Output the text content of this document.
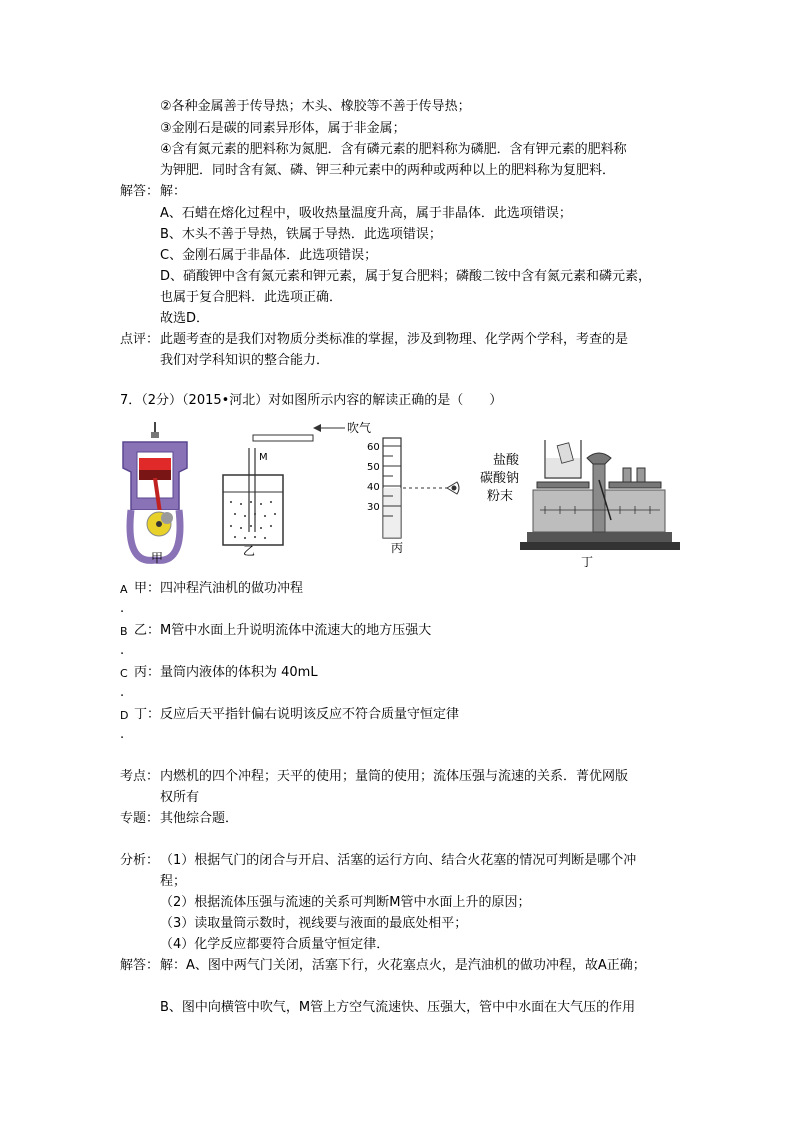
②各种金属善于传导热；木头、橡胶等不善于传导热；
③金刚石是碳的同素异形体，属于非金属；
④含有氮元素的肥料称为氮肥．含有磷元素的肥料称为磷肥．含有钾元素的肥料称
为钾肥．同时含有氮、磷、钾三种元素中的两种或两种以上的肥料称为复肥料．
解答： 解：
A、石蜡在熔化过程中，吸收热量温度升高，属于非晶体．此选项错误；
B、木头不善于导热，铁属于导热．此选项错误；
C、金刚石属于非晶体．此选项错误；
D、硝酸钾中含有氮元素和钾元素，属于复合肥料；磷酸二铵中含有氮元素和磷元素，
也属于复合肥料．此选项正确．
故选D．
点评： 此题考查的是我们对物质分类标准的掌握，涉及到物理、化学两个学科，考查的是
我们对学科知识的整合能力．
7．（2分）（2015•河北）对如图所示内容的解读正确的是（　　）
吹气
M
60
50
40
30
盐酸
碳酸钠
粉末
甲	乙	丙
丁
A 甲：四冲程汽油机的做功冲程
.
B 乙：M管中水面上升说明流体中流速大的地方压强大
.
C 丙：量筒内液体的体积为 40mL
.
D 丁：反应后天平指针偏右说明该反应不符合质量守恒定律
.
考点： 内燃机的四个冲程；天平的使用；量筒的使用；流体压强与流速的关系．菁优网版
权所有
专题： 其他综合题．
分析： （1）根据气门的闭合与开启、活塞的运行方向、结合火花塞的情况可判断是哪个冲
程；
（2）根据流体压强与流速的关系可判断M管中水面上升的原因；
（3）读取量筒示数时，视线要与液面的最底处相平；
（4）化学反应都要符合质量守恒定律．
解答： 解：A、图中两气门关闭，活塞下行，火花塞点火，是汽油机的做功冲程，故A正确；
B、图中向横管中吹气，M管上方空气流速快、压强大，管中中水面在大气压的作用
